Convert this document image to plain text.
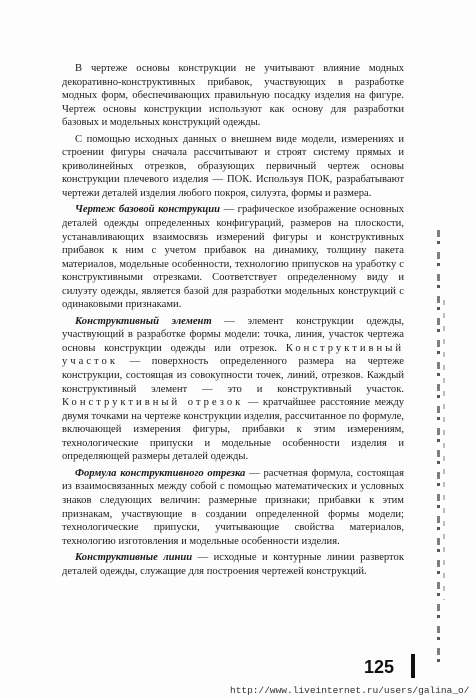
В чертеже основы конструкции не учитывают влияние модных декоративно-конструктивных прибавок, участвующих в разработке модных форм, обеспечивающих правильную посадку изделия на фигуре. Чертеж основы конструкции используют как основу для разработки базовых и модельных конструкций одежды.

С помощью исходных данных о внешнем виде модели, измерениях и строении фигуры сначала рассчитывают и строят систему прямых и криволинейных отрезков, образующих первичный чертеж основы конструкции плечевого изделия — ПОК. Используя ПОК, разрабатывают чертежи деталей изделия любого покроя, силуэта, формы и размера.

Чертеж базовой конструкции — графическое изображение основных деталей одежды определенных конфигураций, размеров на плоскости, устанавливающих взаимосвязь измерений фигуры и конструктивных прибавок к ним с учетом прибавок на динамику, толщину пакета материалов, модельные особенности, технологию припусков на уработку с конструктивными отрезками. Соответствует определенному виду и силуэту одежды, является базой для разработки модельных конструкций с одинаковыми признаками.

Конструктивный элемент — элемент конструкции одежды, участвующий в разработке формы модели: точка, линия, участок чертежа основы конструкции одежды или отрезок. Конструктивный участок — поверхность определенного размера на чертеже конструкции, состоящая из совокупности точек, линий, отрезков. Каждый конструктивный элемент — это и конструктивный участок. Конструктивный отрезок — кратчайшее расстояние между двумя точками на чертеже конструкции изделия, рассчитанное по формуле, включающей измерения фигуры, прибавки к этим измерениям, технологические припуски и модельные особенности изделия и определяющей размеры деталей одежды.

Формула конструктивного отрезка — расчетная формула, состоящая из взаимосвязанных между собой с помощью математических и условных знаков следующих величин: размерные признаки; прибавки к этим признакам, участвующие в создании определенной формы модели; технологические припуски, учитывающие свойства материалов, технологию изготовления и модельные особенности изделия.

Конструктивные линии — исходные и контурные линии разверток деталей одежды, служащие для построения чертежей конструкций.

125
http://www.liveinternet.ru/users/galina_o/
